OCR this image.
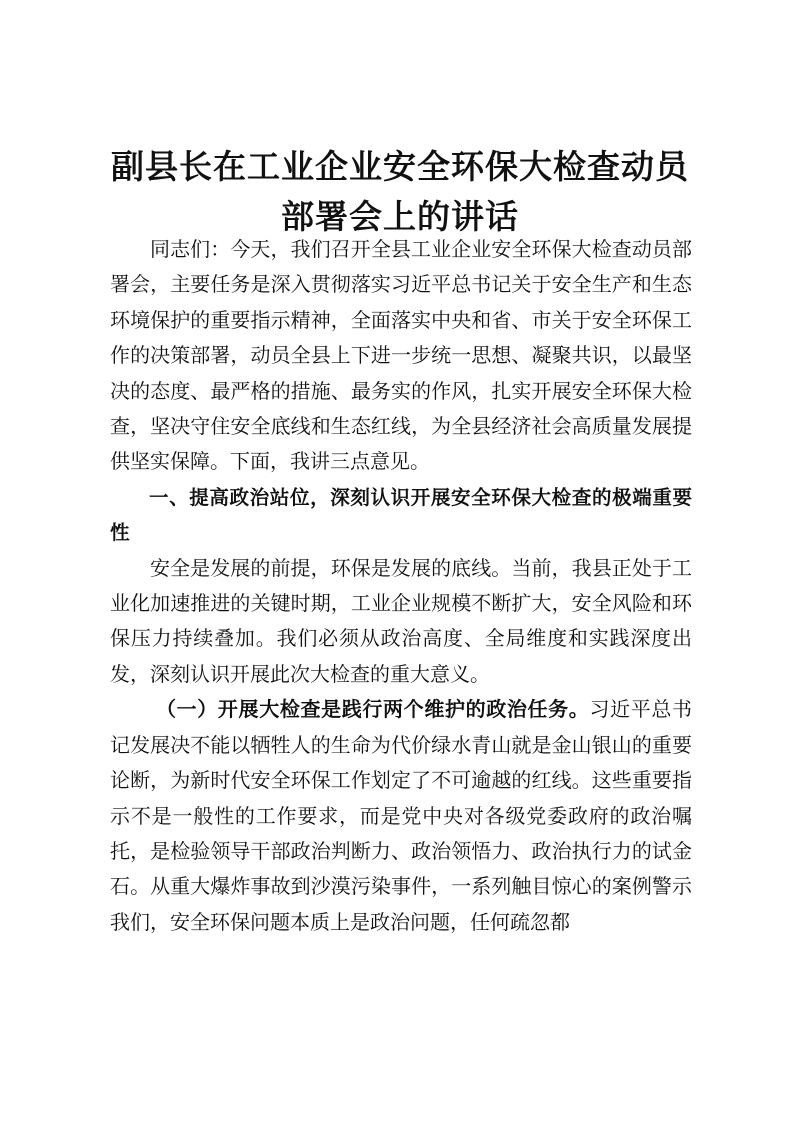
副县长在工业企业安全环保大检查动员部署会上的讲话

同志们：今天，我们召开全县工业企业安全环保大检查动员部署会，主要任务是深入贯彻落实习近平总书记关于安全生产和生态环境保护的重要指示精神，全面落实中央和省、市关于安全环保工作的决策部署，动员全县上下进一步统一思想、凝聚共识，以最坚决的态度、最严格的措施、最务实的作风，扎实开展安全环保大检查，坚决守住安全底线和生态红线，为全县经济社会高质量发展提供坚实保障。下面，我讲三点意见。

一、提高政治站位，深刻认识开展安全环保大检查的极端重要性

安全是发展的前提，环保是发展的底线。当前，我县正处于工业化加速推进的关键时期，工业企业规模不断扩大，安全风险和环保压力持续叠加。我们必须从政治高度、全局维度和实践深度出发，深刻认识开展此次大检查的重大意义。

（一）开展大检查是践行两个维护的政治任务。习近平总书记发展决不能以牺牲人的生命为代价绿水青山就是金山银山的重要论断，为新时代安全环保工作划定了不可逾越的红线。这些重要指示不是一般性的工作要求，而是党中央对各级党委政府的政治嘱托，是检验领导干部政治判断力、政治领悟力、政治执行力的试金石。从重大爆炸事故到沙漠污染事件，一系列触目惊心的案例警示我们，安全环保问题本质上是政治问题，任何疏忽都
